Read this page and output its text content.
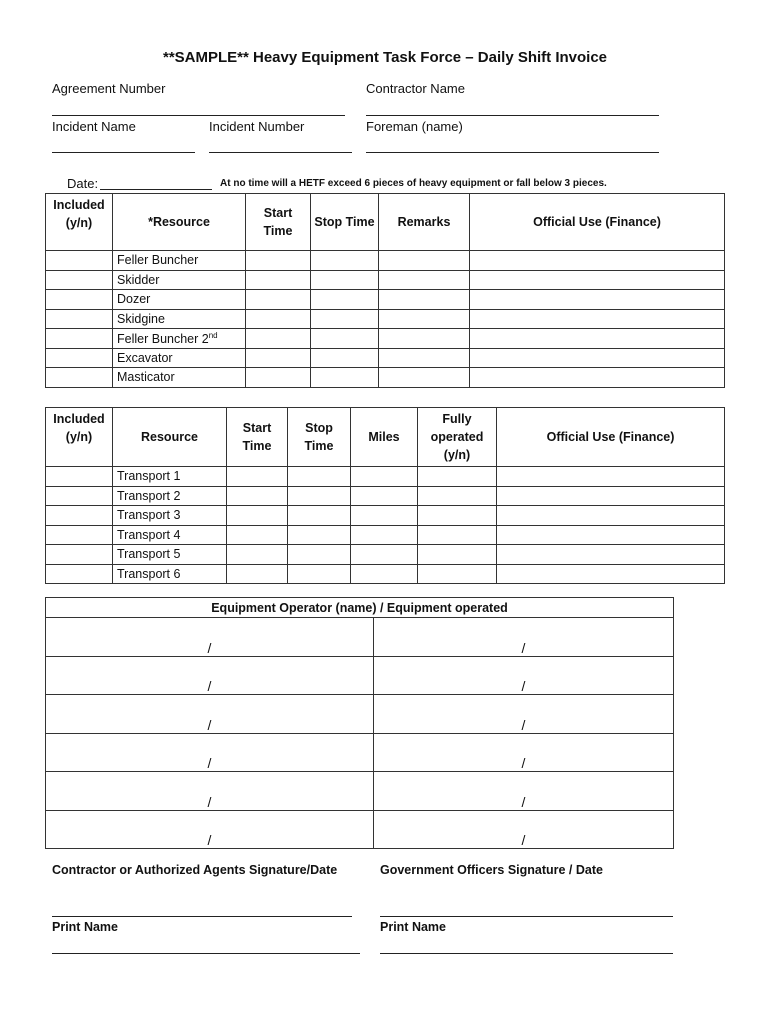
**SAMPLE** Heavy Equipment Task Force – Daily Shift Invoice
Agreement Number	Contractor Name
Incident Name	Incident Number	Foreman (name)
Date:	At no time will a HETF exceed 6 pieces of heavy equipment or fall below 3 pieces.
Included (y/n)	*Resource	Start Time	Stop Time	Remarks	Official Use (Finance)
	Feller Buncher				
	Skidder				
	Dozer				
	Skidgine				
	Feller Buncher 2nd				
	Excavator				
	Masticator				
Included (y/n)	Resource	Start Time	Stop Time	Miles	Fully operated (y/n)	Official Use (Finance)
	Transport 1					
	Transport 2					
	Transport 3					
	Transport 4					
	Transport 5					
	Transport 6					
Equipment Operator (name) / Equipment operated	
/	/
/	/
/	/
/	/
/	/
/	/
Contractor or Authorized Agents Signature/Date	Government Officers Signature / Date
Print Name	Print Name
